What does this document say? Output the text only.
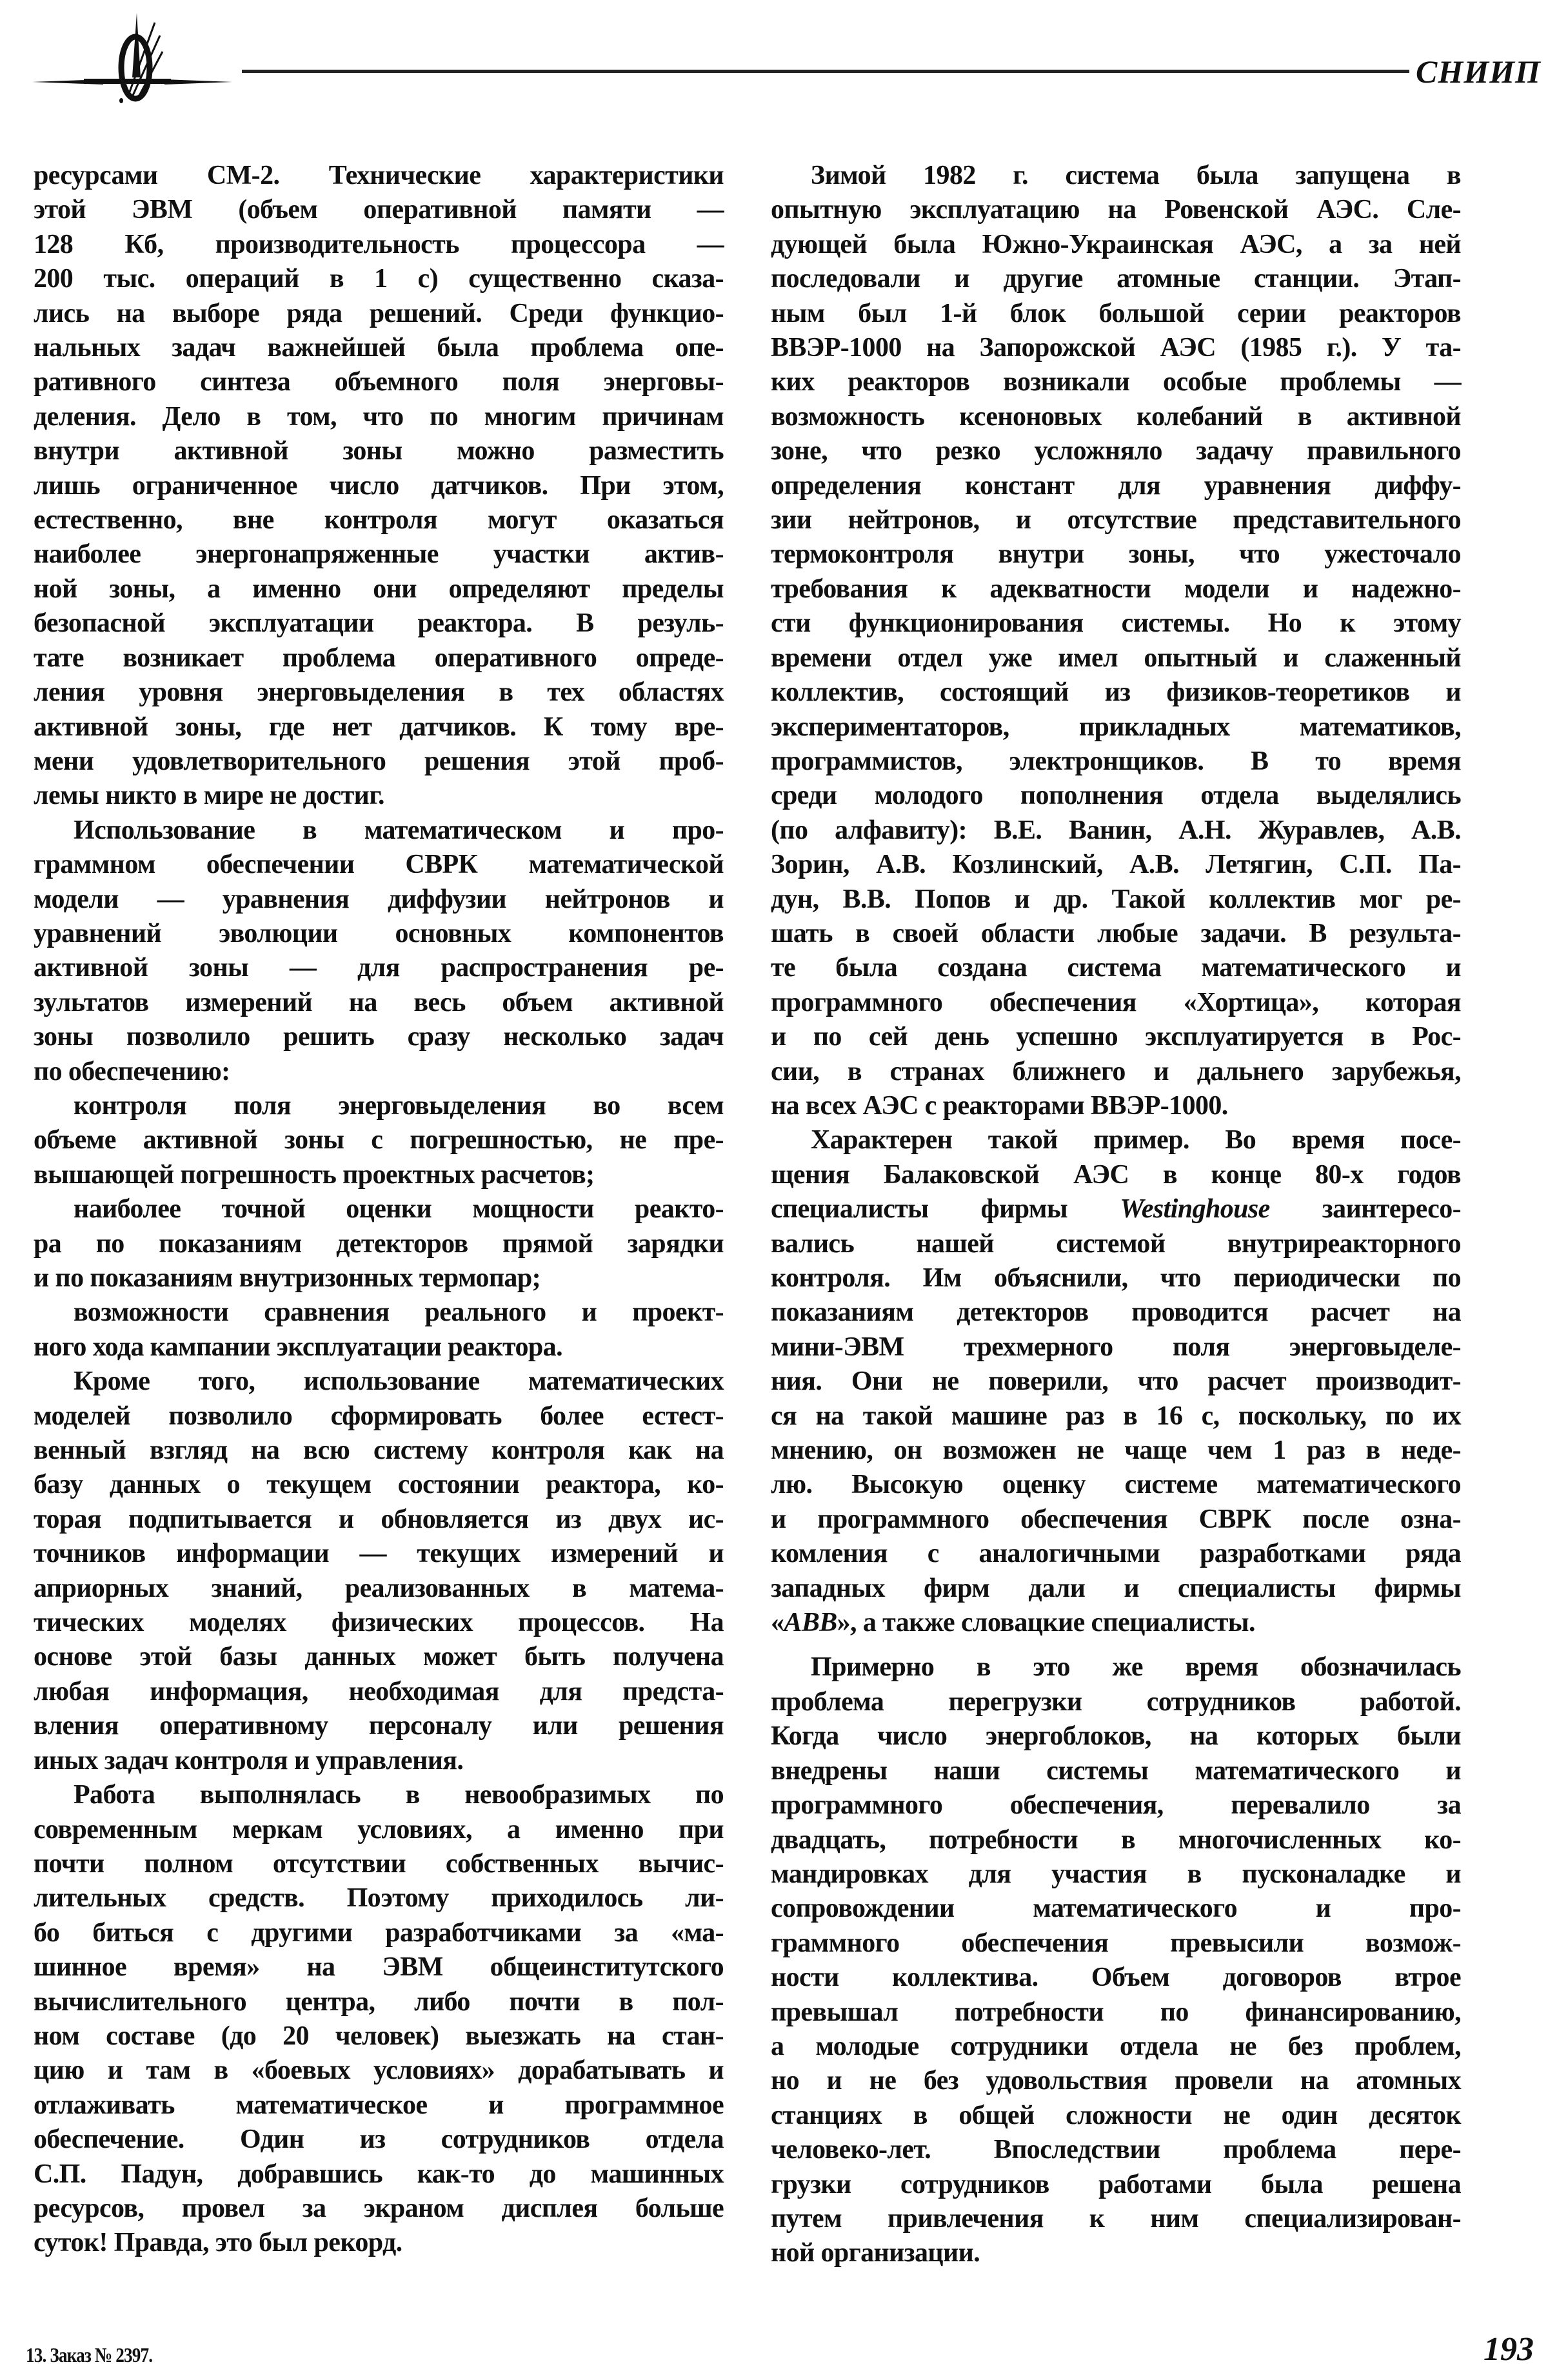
СНИИП
ресурсами СМ-2. Технические характеристики
этой ЭВМ (объем оперативной памяти —
128 Кб, производительность процессора —
200 тыс. операций в 1 с) существенно сказа-
лись на выборе ряда решений. Среди функцио-
нальных задач важнейшей была проблема опе-
ративного синтеза объемного поля энерговы-
деления. Дело в том, что по многим причинам
внутри активной зоны можно разместить
лишь ограниченное число датчиков. При этом,
естественно, вне контроля могут оказаться
наиболее энергонапряженные участки актив-
ной зоны, а именно они определяют пределы
безопасной эксплуатации реактора. В резуль-
тате возникает проблема оперативного опреде-
ления уровня энерговыделения в тех областях
активной зоны, где нет датчиков. К тому вре-
мени удовлетворительного решения этой проб-
лемы никто в мире не достиг.
Использование в математическом и про-
граммном обеспечении СВРК математической
модели — уравнения диффузии нейтронов и
уравнений эволюции основных компонентов
активной зоны — для распространения ре-
зультатов измерений на весь объем активной
зоны позволило решить сразу несколько задач
по обеспечению:
контроля поля энерговыделения во всем
объеме активной зоны с погрешностью, не пре-
вышающей погрешность проектных расчетов;
наиболее точной оценки мощности реакто-
ра по показаниям детекторов прямой зарядки
и по показаниям внутризонных термопар;
возможности сравнения реального и проект-
ного хода кампании эксплуатации реактора.
Кроме того, использование математических
моделей позволило сформировать более естест-
венный взгляд на всю систему контроля как на
базу данных о текущем состоянии реактора, ко-
торая подпитывается и обновляется из двух ис-
точников информации — текущих измерений и
априорных знаний, реализованных в матема-
тических моделях физических процессов. На
основе этой базы данных может быть получена
любая информация, необходимая для предста-
вления оперативному персоналу или решения
иных задач контроля и управления.
Работа выполнялась в невообразимых по
современным меркам условиях, а именно при
почти полном отсутствии собственных вычис-
лительных средств. Поэтому приходилось ли-
бо биться с другими разработчиками за «ма-
шинное время» на ЭВМ общеинститутского
вычислительного центра, либо почти в пол-
ном составе (до 20 человек) выезжать на стан-
цию и там в «боевых условиях» дорабатывать и
отлаживать математическое и программное
обеспечение. Один из сотрудников отдела
С.П. Падун, добравшись как-то до машинных
ресурсов, провел за экраном дисплея больше
суток! Правда, это был рекорд.
Зимой 1982 г. система была запущена в
опытную эксплуатацию на Ровенской АЭС. Сле-
дующей была Южно-Украинская АЭС, а за ней
последовали и другие атомные станции. Этап-
ным был 1-й блок большой серии реакторов
ВВЭР-1000 на Запорожской АЭС (1985 г.). У та-
ких реакторов возникали особые проблемы —
возможность ксеноновых колебаний в активной
зоне, что резко усложняло задачу правильного
определения констант для уравнения диффу-
зии нейтронов, и отсутствие представительного
термоконтроля внутри зоны, что ужесточало
требования к адекватности модели и надежно-
сти функционирования системы. Но к этому
времени отдел уже имел опытный и слаженный
коллектив, состоящий из физиков-теоретиков и
экспериментаторов, прикладных математиков,
программистов, электронщиков. В то время
среди молодого пополнения отдела выделялись
(по алфавиту): В.Е. Ванин, А.Н. Журавлев, А.В.
Зорин, А.В. Козлинский, А.В. Летягин, С.П. Па-
дун, В.В. Попов и др. Такой коллектив мог ре-
шать в своей области любые задачи. В результа-
те была создана система математического и
программного обеспечения «Хортица», которая
и по сей день успешно эксплуатируется в Рос-
сии, в странах ближнего и дальнего зарубежья,
на всех АЭС с реакторами ВВЭР-1000.
Характерен такой пример. Во время посе-
щения Балаковской АЭС в конце 80-х годов
специалисты фирмы Westinghouse заинтересо-
вались нашей системой внутриреакторного
контроля. Им объяснили, что периодически по
показаниям детекторов проводится расчет на
мини-ЭВМ трехмерного поля энерговыделе-
ния. Они не поверили, что расчет производит-
ся на такой машине раз в 16 с, поскольку, по их
мнению, он возможен не чаще чем 1 раз в неде-
лю. Высокую оценку системе математического
и программного обеспечения СВРК после озна-
комления с аналогичными разработками ряда
западных фирм дали и специалисты фирмы
«ABB», а также словацкие специалисты.
Примерно в это же время обозначилась
проблема перегрузки сотрудников работой.
Когда число энергоблоков, на которых были
внедрены наши системы математического и
программного обеспечения, перевалило за
двадцать, потребности в многочисленных ко-
мандировках для участия в пусконаладке и
сопровождении математического и про-
граммного обеспечения превысили возмож-
ности коллектива. Объем договоров втрое
превышал потребности по финансированию,
а молодые сотрудники отдела не без проблем,
но и не без удовольствия провели на атомных
станциях в общей сложности не один десяток
человеко-лет. Впоследствии проблема пере-
грузки сотрудников работами была решена
путем привлечения к ним специализирован-
ной организации.
13. Заказ № 2397.	193
